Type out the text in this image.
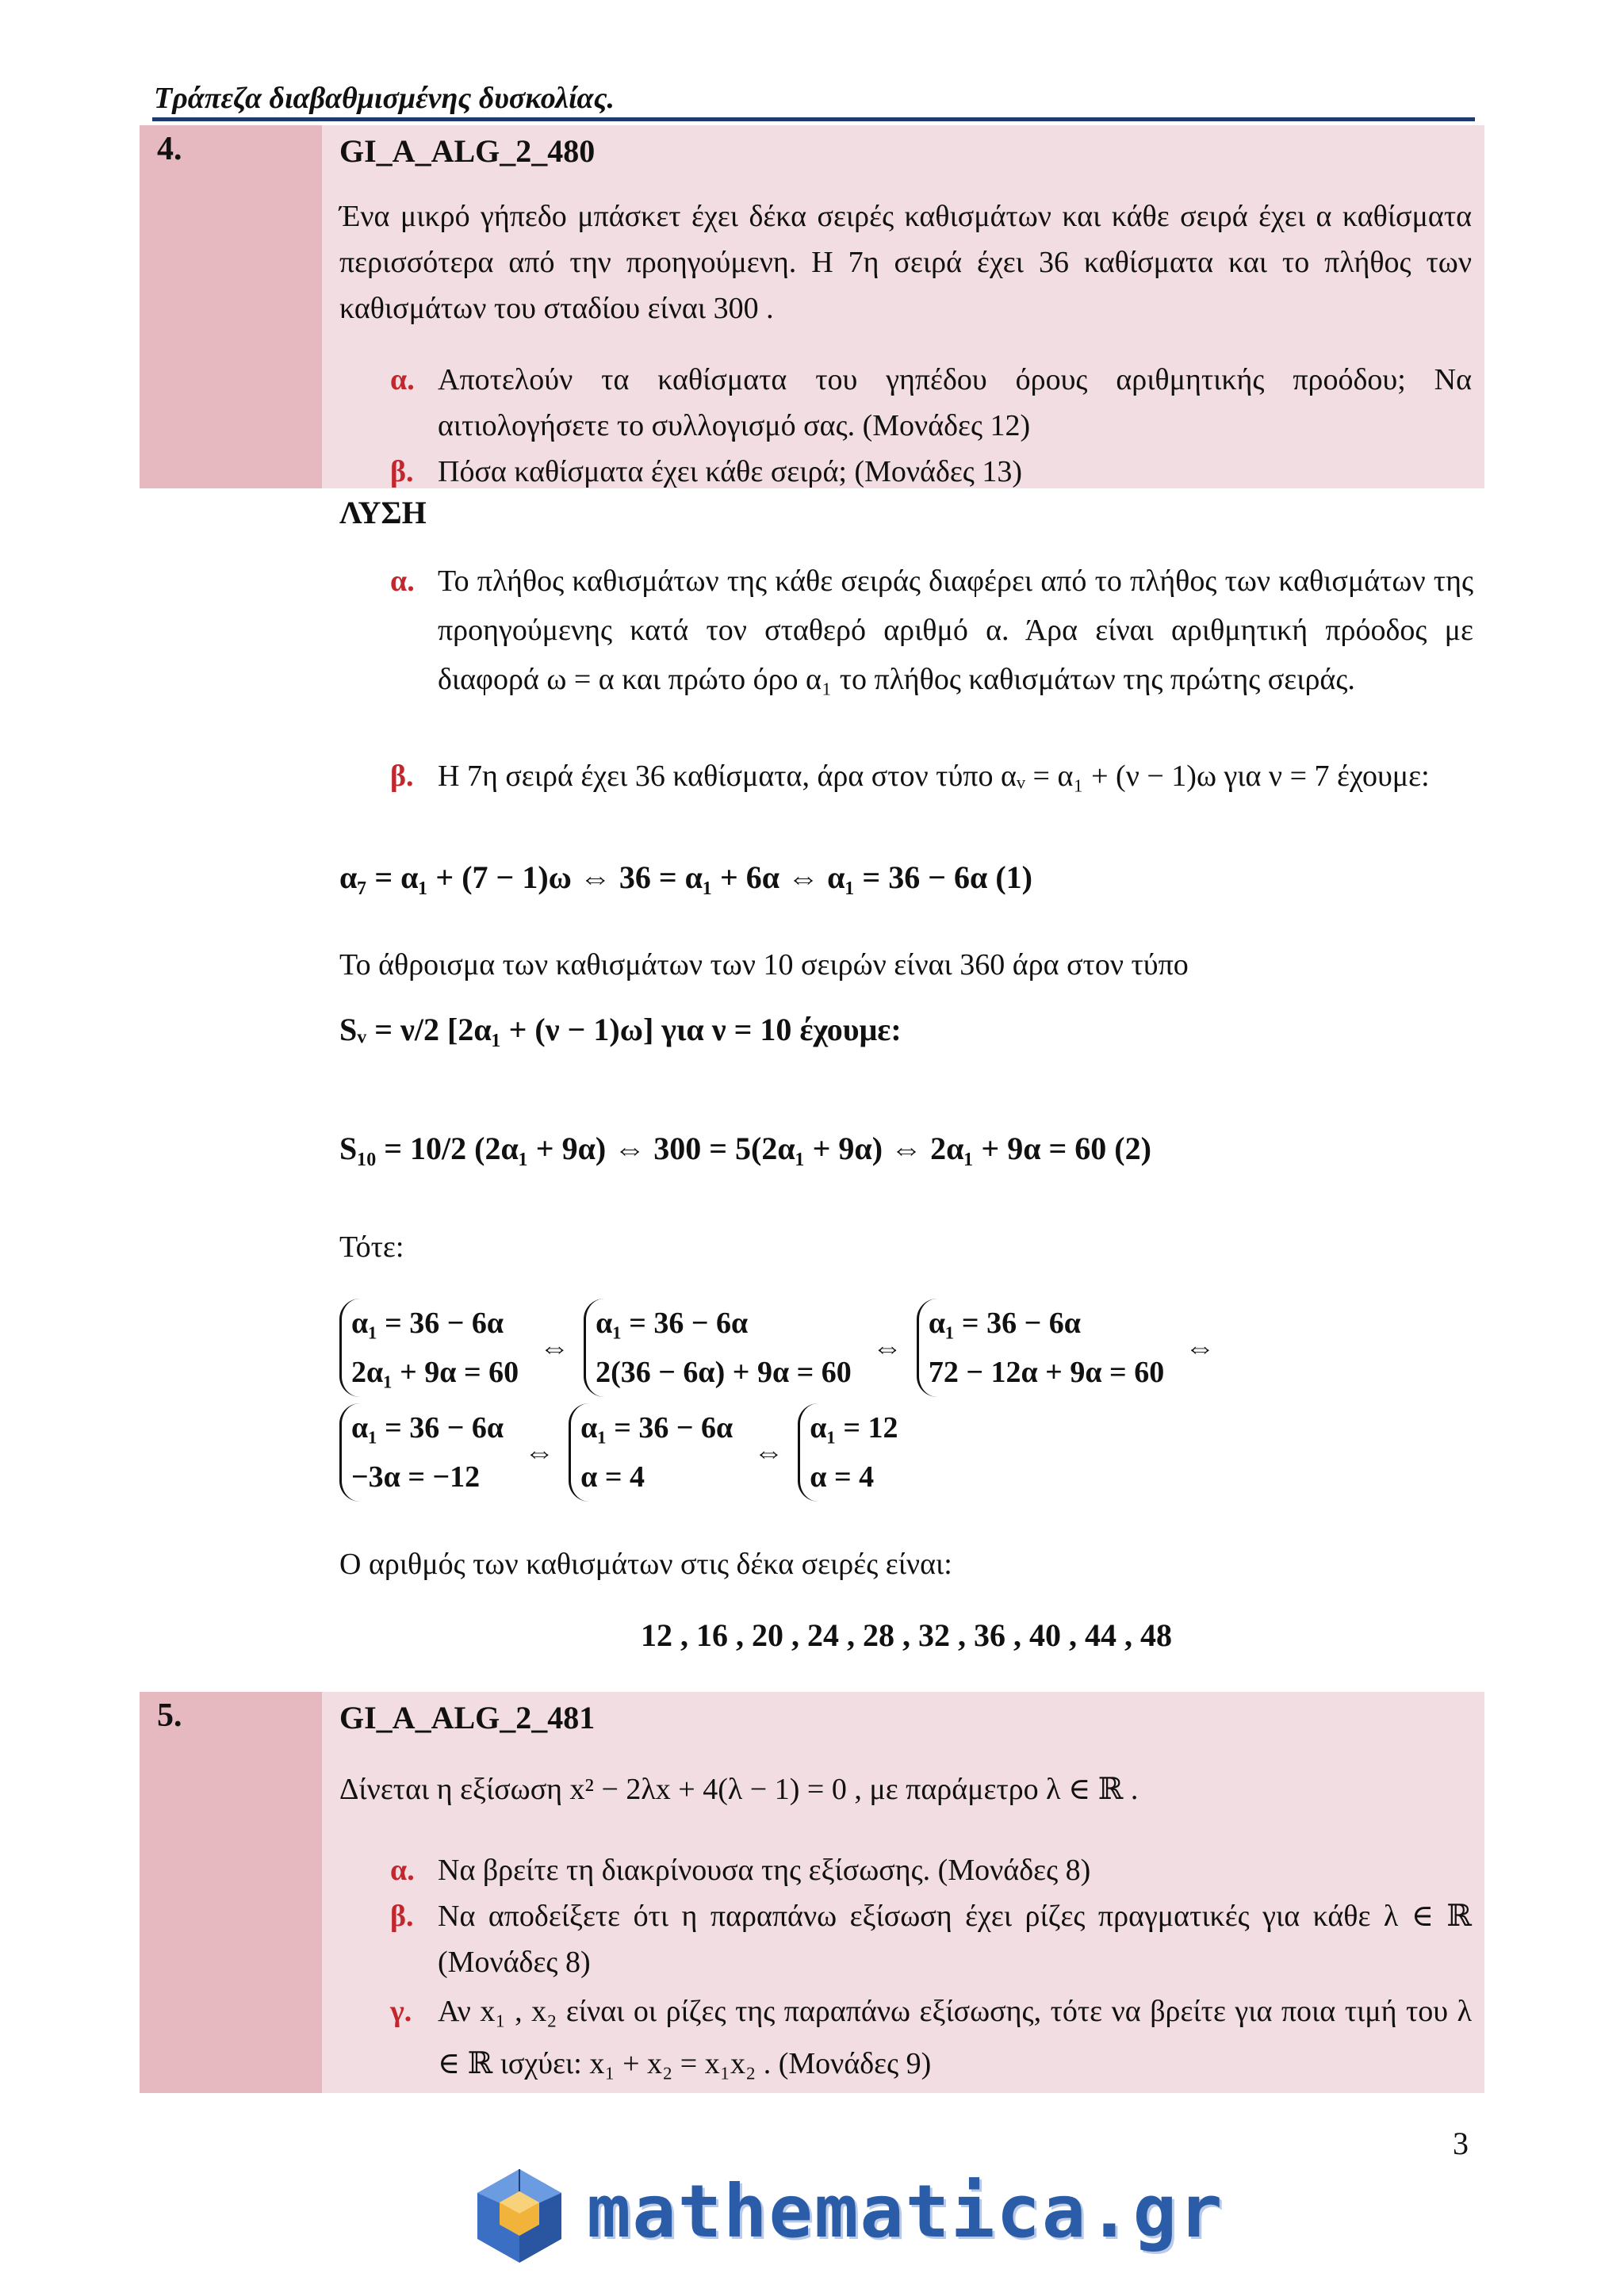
Τράπεζα διαβαθμισμένης δυσκολίας.
4.	GI_A_ALG_2_480
Ένα μικρό γήπεδο μπάσκετ έχει δέκα σειρές καθισμάτων και κάθε σειρά έχει α καθίσματα περισσότερα από την προηγούμενη. Η 7η σειρά έχει 36 καθίσματα και το πλήθος των καθισμάτων του σταδίου είναι 300 .
α. Αποτελούν τα καθίσματα του γηπέδου όρους αριθμητικής προόδου; Να αιτιολογήσετε το συλλογισμό σας. (Μονάδες 12)
β. Πόσα καθίσματα έχει κάθε σειρά; (Μονάδες 13)
ΛΥΣΗ
α. Το πλήθος καθισμάτων της κάθε σειράς διαφέρει από το πλήθος των καθισμάτων της προηγούμενης κατά τον σταθερό αριθμό α. Άρα είναι αριθμητική πρόοδος με διαφορά ω = α και πρώτο όρο α₁ το πλήθος καθισμάτων της πρώτης σειράς.
β. Η 7η σειρά έχει 36 καθίσματα, άρα στον τύπο αᵥ = α₁ + (ν − 1)ω για ν = 7 έχουμε:
α₇ = α₁ + (7 − 1)ω ⇔ 36 = α₁ + 6α ⇔ α₁ = 36 − 6α (1)
Το άθροισμα των καθισμάτων των 10 σειρών είναι 360 άρα στον τύπο
Sᵥ = ν/2 [2α₁ + (ν − 1)ω] για ν = 10 έχουμε:
S₁₀ = 10/2 (2α₁ + 9α) ⇔ 300 = 5(2α₁ + 9α) ⇔ 2α₁ + 9α = 60 (2)
Τότε:
α₁ = 36 − 6α
2α₁ + 9α = 60
⇔
α₁ = 36 − 6α
2(36 − 6α) + 9α = 60
⇔
α₁ = 36 − 6α
72 − 12α + 9α = 60
⇔
α₁ = 36 − 6α
−3α = −12
⇔
α₁ = 36 − 6α
α = 4
⇔
α₁ = 12
α = 4
Ο αριθμός των καθισμάτων στις δέκα σειρές είναι:
12 , 16 , 20 , 24 , 28 , 32 , 36 , 40 , 44 , 48
5.	GI_A_ALG_2_481
Δίνεται η εξίσωση x² − 2λx + 4(λ − 1) = 0 , με παράμετρο λ ∈ ℝ .
α. Να βρείτε τη διακρίνουσα της εξίσωσης. (Μονάδες 8)
β. Να αποδείξετε ότι η παραπάνω εξίσωση έχει ρίζες πραγματικές για κάθε λ ∈ ℝ (Μονάδες 8)
γ. Αν x₁ , x₂ είναι οι ρίζες της παραπάνω εξίσωσης, τότε να βρείτε για ποια τιμή του λ ∈ ℝ ισχύει: x₁ + x₂ = x₁x₂ . (Μονάδες 9)
3
mathematica.gr
